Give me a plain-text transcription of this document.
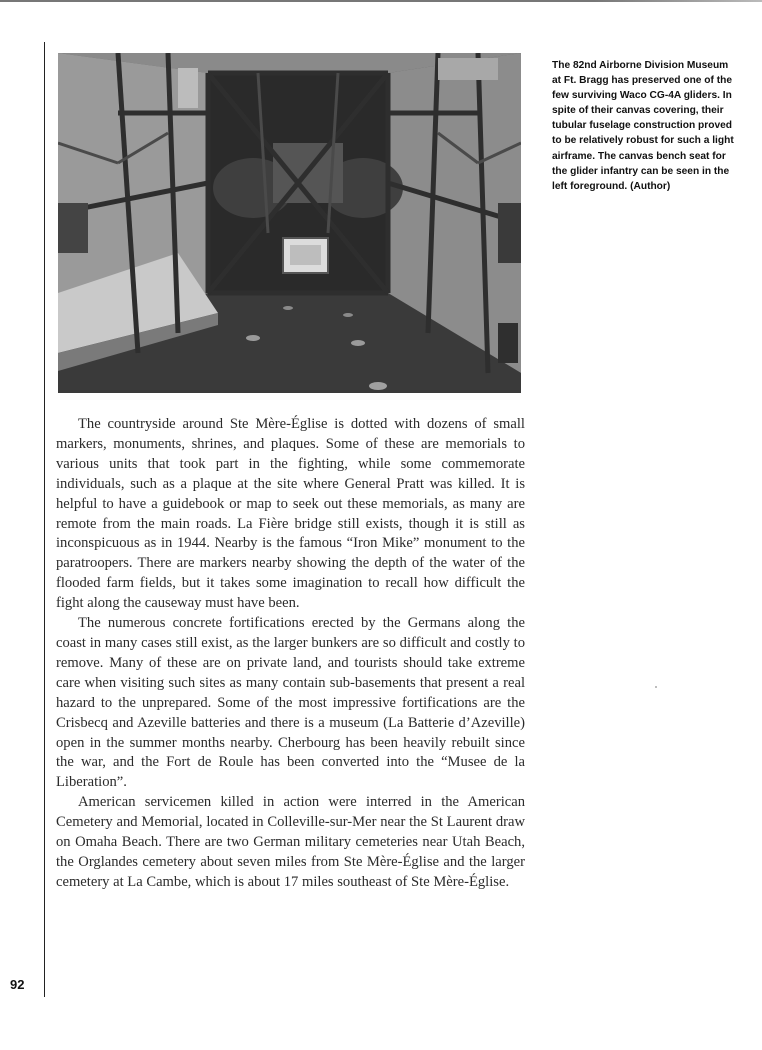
The 82nd Airborne Division Museum at Ft. Bragg has preserved one of the few surviving Waco CG-4A gliders. In spite of their canvas covering, their tubular fuselage construction proved to be relatively robust for such a light airframe. The canvas bench seat for the glider infantry can be seen in the left foreground. (Author)

The countryside around Ste Mère-Église is dotted with dozens of small markers, monuments, shrines, and plaques. Some of these are memorials to various units that took part in the fighting, while some commemorate individuals, such as a plaque at the site where General Pratt was killed. It is helpful to have a guidebook or map to seek out these memorials, as many are remote from the main roads. La Fière bridge still exists, though it is still as inconspicuous as in 1944. Nearby is the famous “Iron Mike” monument to the paratroopers. There are markers nearby showing the depth of the water of the flooded farm fields, but it takes some imagination to recall how difficult the fight along the causeway must have been.

The numerous concrete fortifications erected by the Germans along the coast in many cases still exist, as the larger bunkers are so difficult and costly to remove. Many of these are on private land, and tourists should take extreme care when visiting such sites as many contain sub-basements that present a real hazard to the unprepared. Some of the most impressive fortifications are the Crisbecq and Azeville batteries and there is a museum (La Batterie d’Azeville) open in the summer months nearby. Cherbourg has been heavily rebuilt since the war, and the Fort de Roule has been converted into the “Musee de la Liberation”.

American servicemen killed in action were interred in the American Cemetery and Memorial, located in Colleville-sur-Mer near the St Laurent draw on Omaha Beach. There are two German military cemeteries near Utah Beach, the Orglandes cemetery about seven miles from Ste Mère-Église and the larger cemetery at La Cambe, which is about 17 miles southeast of Ste Mère-Église.

92
